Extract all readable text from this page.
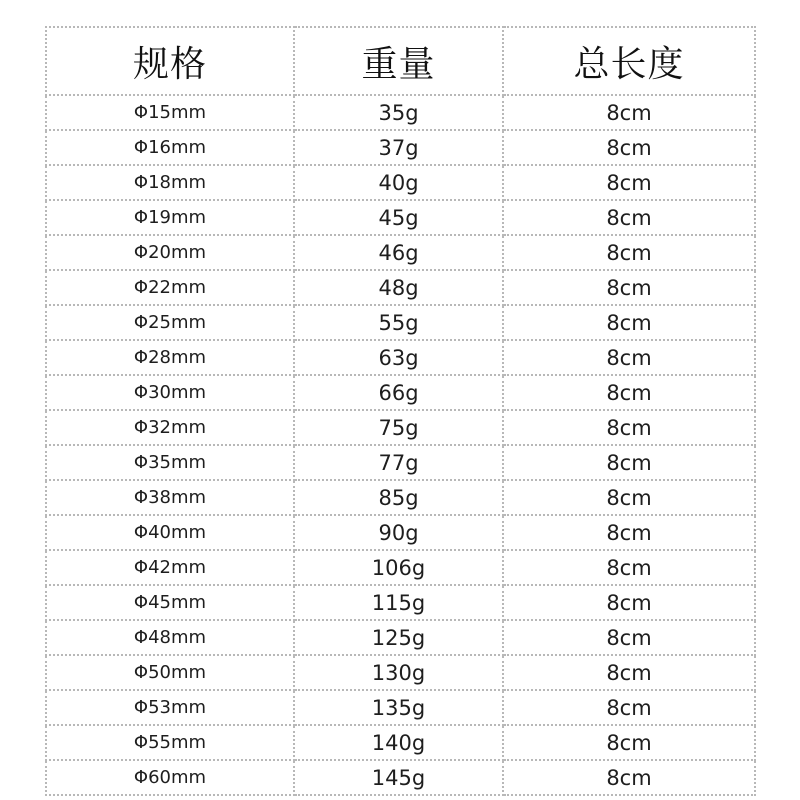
规格	重量	总长度
Φ15mm	35g	8cm
Φ16mm	37g	8cm
Φ18mm	40g	8cm
Φ19mm	45g	8cm
Φ20mm	46g	8cm
Φ22mm	48g	8cm
Φ25mm	55g	8cm
Φ28mm	63g	8cm
Φ30mm	66g	8cm
Φ32mm	75g	8cm
Φ35mm	77g	8cm
Φ38mm	85g	8cm
Φ40mm	90g	8cm
Φ42mm	106g	8cm
Φ45mm	115g	8cm
Φ48mm	125g	8cm
Φ50mm	130g	8cm
Φ53mm	135g	8cm
Φ55mm	140g	8cm
Φ60mm	145g	8cm
